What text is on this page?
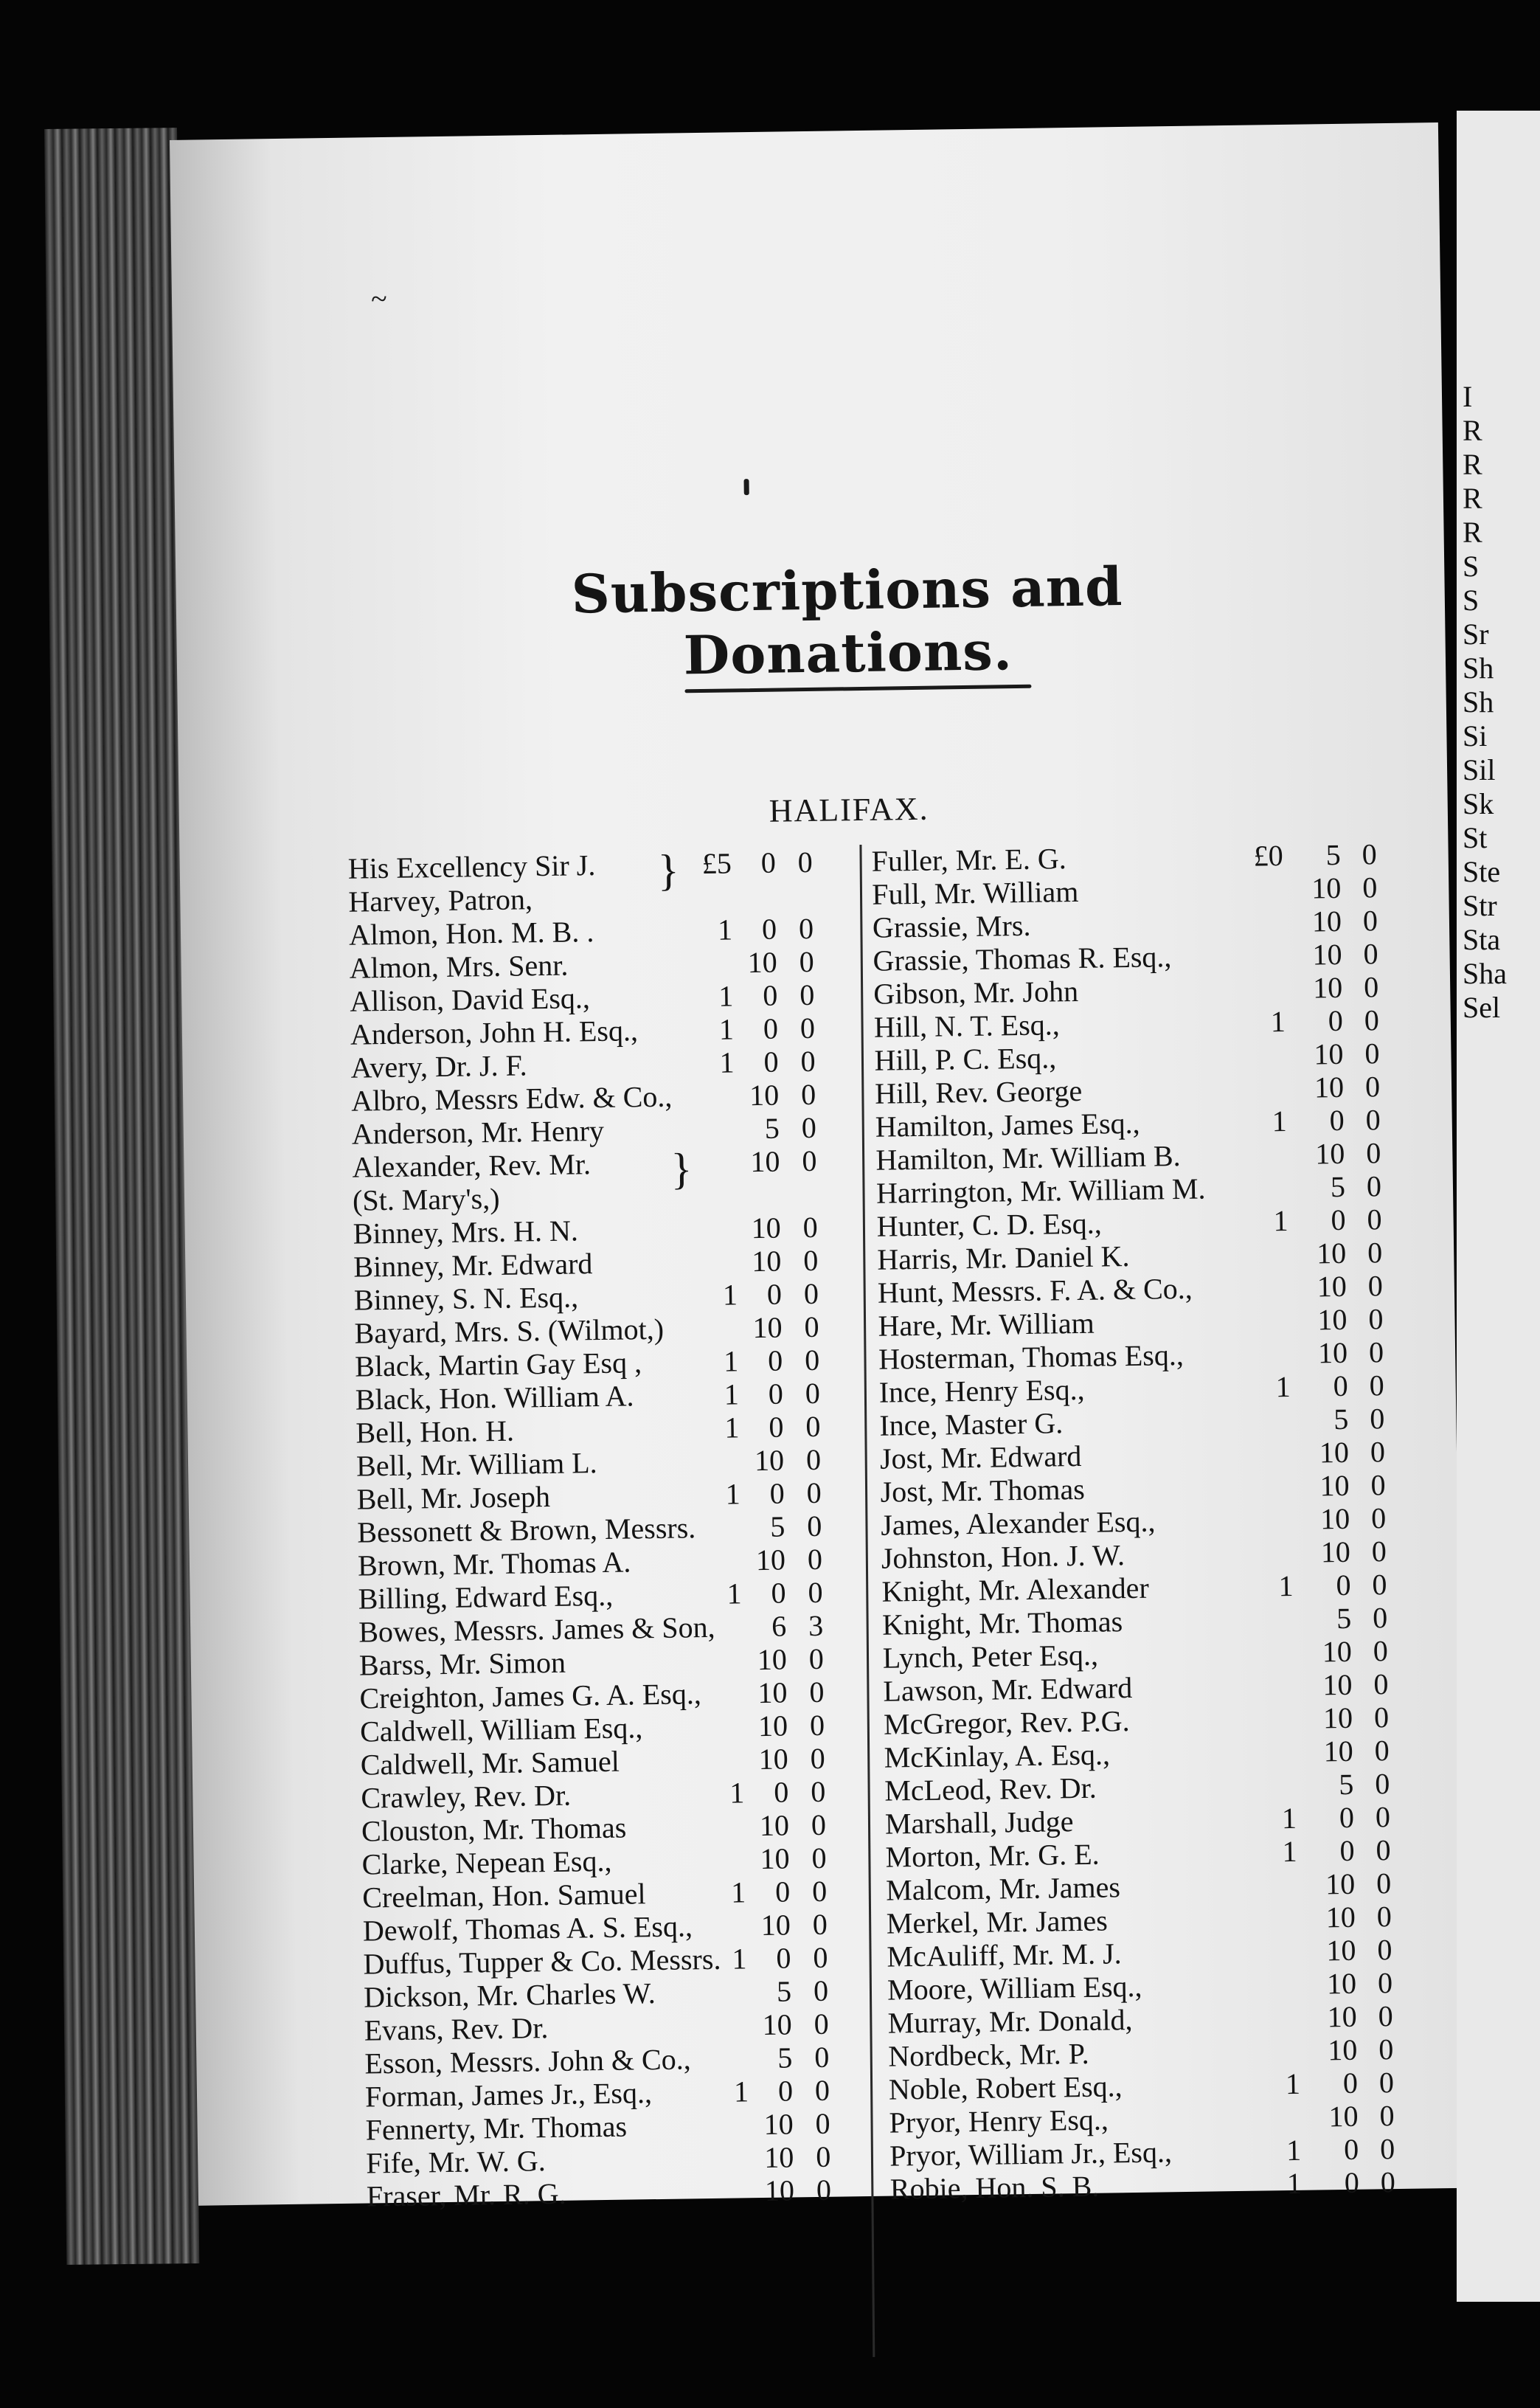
Subscriptions and Donations.
HALIFAX.
His Excellency Sir J.	£5 0 0
Harvey, Patron,
Almon, Hon. M. B. .	1 0 0
Almon, Mrs. Senr.	10 0
Allison, David Esq.,	1 0 0
Anderson, John H. Esq.,	1 0 0
Avery, Dr. J. F.	1 0 0
Albro, Messrs Edw. & Co.,	10 0
Anderson, Mr. Henry	5 0
Alexander, Rev. Mr.	10 0
(St. Mary's,)
Binney, Mrs. H. N.	10 0
Binney, Mr. Edward	10 0
Binney, S. N. Esq.,	1 0 0
Bayard, Mrs. S. (Wilmot,)	10 0
Black, Martin Gay Esq ,	1 0 0
Black, Hon. William A.	1 0 0
Bell, Hon. H.	1 0 0
Bell, Mr. William L.	10 0
Bell, Mr. Joseph	1 0 0
Bessonett & Brown, Messrs.	5 0
Brown, Mr. Thomas A.	10 0
Billing, Edward Esq.,	1 0 0
Bowes, Messrs. James & Son,	6 3
Barss, Mr. Simon	10 0
Creighton, James G. A. Esq., 10 0
Caldwell, William Esq.,	10 0
Caldwell, Mr. Samuel	10 0
Crawley, Rev. Dr.	1 0 0
Clouston, Mr. Thomas	10 0
Clarke, Nepean Esq.,	10 0
Creelman, Hon. Samuel	1 0 0
Dewolf, Thomas A. S. Esq., 10 0
Duffus, Tupper & Co. Messrs. 1 0 0
Dickson, Mr. Charles W.	5 0
Evans, Rev. Dr.	10 0
Esson, Messrs. John & Co.,	5 0
Forman, James Jr., Esq.,	1 0 0
Fennerty, Mr. Thomas	10 0
Fife, Mr. W. G.	10 0
Fraser, Mr. R. G.	10 0
Fuller, Mr. E. G.	£0	5 0
Full, Mr. William	10 0
Grassie, Mrs.	10 0
Grassie, Thomas R. Esq.,	10 0
Gibson, Mr. John	10 0
Hill, N. T. Esq.,	1	0 0
Hill, P. C. Esq.,	10 0
Hill, Rev. George	10 0
Hamilton, James Esq.,	1	0 0
Hamilton, Mr. William B.	10 0
Harrington, Mr. William M.	5 0
Hunter, C. D. Esq.,	1	0 0
Harris, Mr. Daniel K.	10 0
Hunt, Messrs. F. A. & Co.,	10 0
Hare, Mr. William	10 0
Hosterman, Thomas Esq.,	10 0
Ince, Henry Esq.,	1	0 0
Ince, Master G.	5 0
Jost, Mr. Edward	10 0
Jost, Mr. Thomas	10 0
James, Alexander Esq.,	10 0
Johnston, Hon. J. W.	10 0
Knight, Mr. Alexander	1	0 0
Knight, Mr. Thomas	5 0
Lynch, Peter Esq.,	10 0
Lawson, Mr. Edward	10 0
McGregor, Rev. P.G.	10 0
McKinlay, A. Esq.,	10 0
McLeod, Rev. Dr.	5 0
Marshall, Judge	1	0 0
Morton, Mr. G. E.	1	0 0
Malcom, Mr. James	10 0
Merkel, Mr. James	10 0
McAuliff, Mr. M. J.	10 0
Moore, William Esq.,	10 0
Murray, Mr. Donald,	10 0
Nordbeck, Mr. P.	10 0
Noble, Robert Esq.,	1	0 0
Pryor, Henry Esq.,	10 0
Pryor, William Jr., Esq.,	1	0 0
Robie, Hon. S. B.	1	0 0
}
}
~
I
R
R
R
R
S
S
Sr
Sh
Sh
Si
Sil
Sk
St
Ste
Str
Sta
Sha
Sel
